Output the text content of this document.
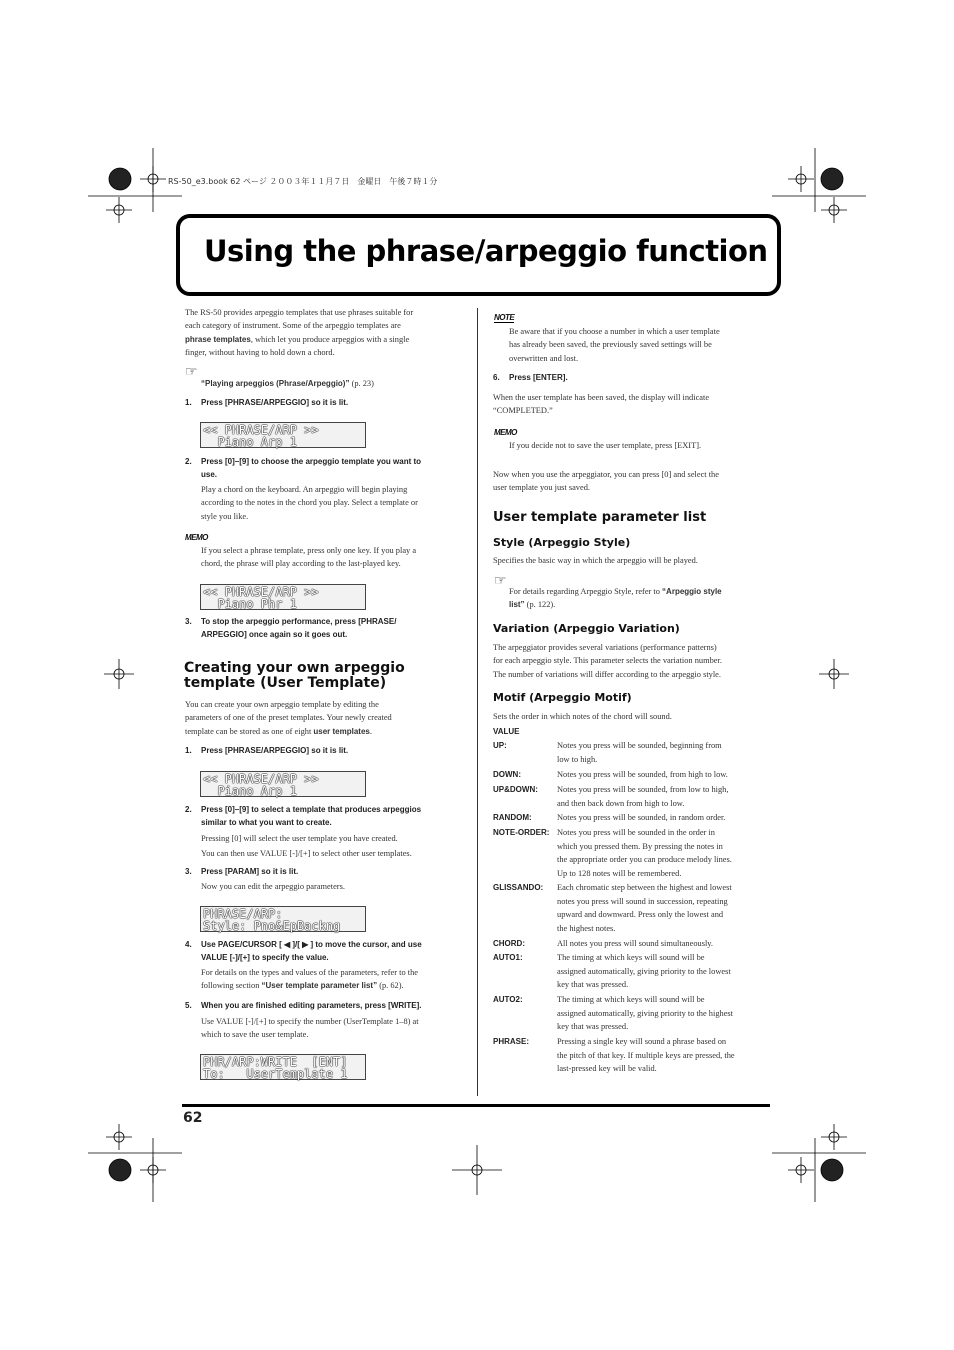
RS-50_e3.book 62 ページ ２００３年１１月７日　金曜日　午後７時１分
Using the phrase/arpeggio function
The RS-50 provides arpeggio templates that use phrases suitable for
each category of instrument. Some of the arpeggio templates are
phrase templates, which let you produce arpeggios with a single
finger, without having to hold down a chord.
☞
“Playing arpeggios (Phrase/Arpeggio)” (p. 23)
1. Press [PHRASE/ARPEGGIO] so it is lit.
<< PHRASE/ARP >>
Piano Arp 1
2. Press [0]–[9] to choose the arpeggio template you want to
use.
Play a chord on the keyboard. An arpeggio will begin playing
according to the notes in the chord you play. Select a template or
style you like.
MEMO
If you select a phrase template, press only one key. If you play a
chord, the phrase will play according to the last-played key.
<< PHRASE/ARP >>
Piano Phr 1
3. To stop the arpeggio performance, press [PHRASE/
ARPEGGIO] once again so it goes out.
Creating your own arpeggio
template (User Template)
You can create your own arpeggio template by editing the
parameters of one of the preset templates. Your newly created
template can be stored as one of eight user templates.
1. Press [PHRASE/ARPEGGIO] so it is lit.
<< PHRASE/ARP >>
Piano Arp 1
2. Press [0]–[9] to select a template that produces arpeggios
similar to what you want to create.
Pressing [0] will select the user template you have created.
You can then use VALUE [-]/[+] to select other user templates.
3. Press [PARAM] so it is lit.
Now you can edit the arpeggio parameters.
PHRASE/ARP:
Style: Pno&EpBackng
4. Use PAGE/CURSOR [ ◀ ]/[ ▶ ] to move the cursor, and use
VALUE [-]/[+] to specify the value.
For details on the types and values of the parameters, refer to the
following section “User template parameter list” (p. 62).
5. When you are finished editing parameters, press [WRITE].
Use VALUE [-]/[+] to specify the number (UserTemplate 1–8) at
which to save the user template.
PHR/ARP:WRITE  [ENT]
To:   UserTemplate 1
NOTE
Be aware that if you choose a number in which a user template
has already been saved, the previously saved settings will be
overwritten and lost.
6. Press [ENTER].
When the user template has been saved, the display will indicate
“COMPLETED.”
MEMO
If you decide not to save the user template, press [EXIT].
Now when you use the arpeggiator, you can press [0] and select the
user template you just saved.
User template parameter list
Style (Arpeggio Style)
Specifies the basic way in which the arpeggio will be played.
☞
For details regarding Arpeggio Style, refer to “Arpeggio style
list” (p. 122).
Variation (Arpeggio Variation)
The arpeggiator provides several variations (performance patterns)
for each arpeggio style. This parameter selects the variation number.
The number of variations will differ according to the arpeggio style.
Motif (Arpeggio Motif)
Sets the order in which notes of the chord will sound.
VALUE
UP:	Notes you press will be sounded, beginning from
low to high.
DOWN:	Notes you press will be sounded, from high to low.
UP&DOWN: Notes you press will be sounded, from low to high,
and then back down from high to low.
RANDOM:	Notes you press will be sounded, in random order.
NOTE-ORDER: Notes you press will be sounded in the order in
which you pressed them. By pressing the notes in
the appropriate order you can produce melody lines.
Up to 128 notes will be remembered.
GLISSANDO: Each chromatic step between the highest and lowest
notes you press will sound in succession, repeating
upward and downward. Press only the lowest and
the highest notes.
CHORD:	All notes you press will sound simultaneously.
AUTO1:	The timing at which keys will sound will be
assigned automatically, giving priority to the lowest
key that was pressed.
AUTO2:	The timing at which keys will sound will be
assigned automatically, giving priority to the highest
key that was pressed.
PHRASE:	Pressing a single key will sound a phrase based on
the pitch of that key. If multiple keys are pressed, the
last-pressed key will be valid.
62
